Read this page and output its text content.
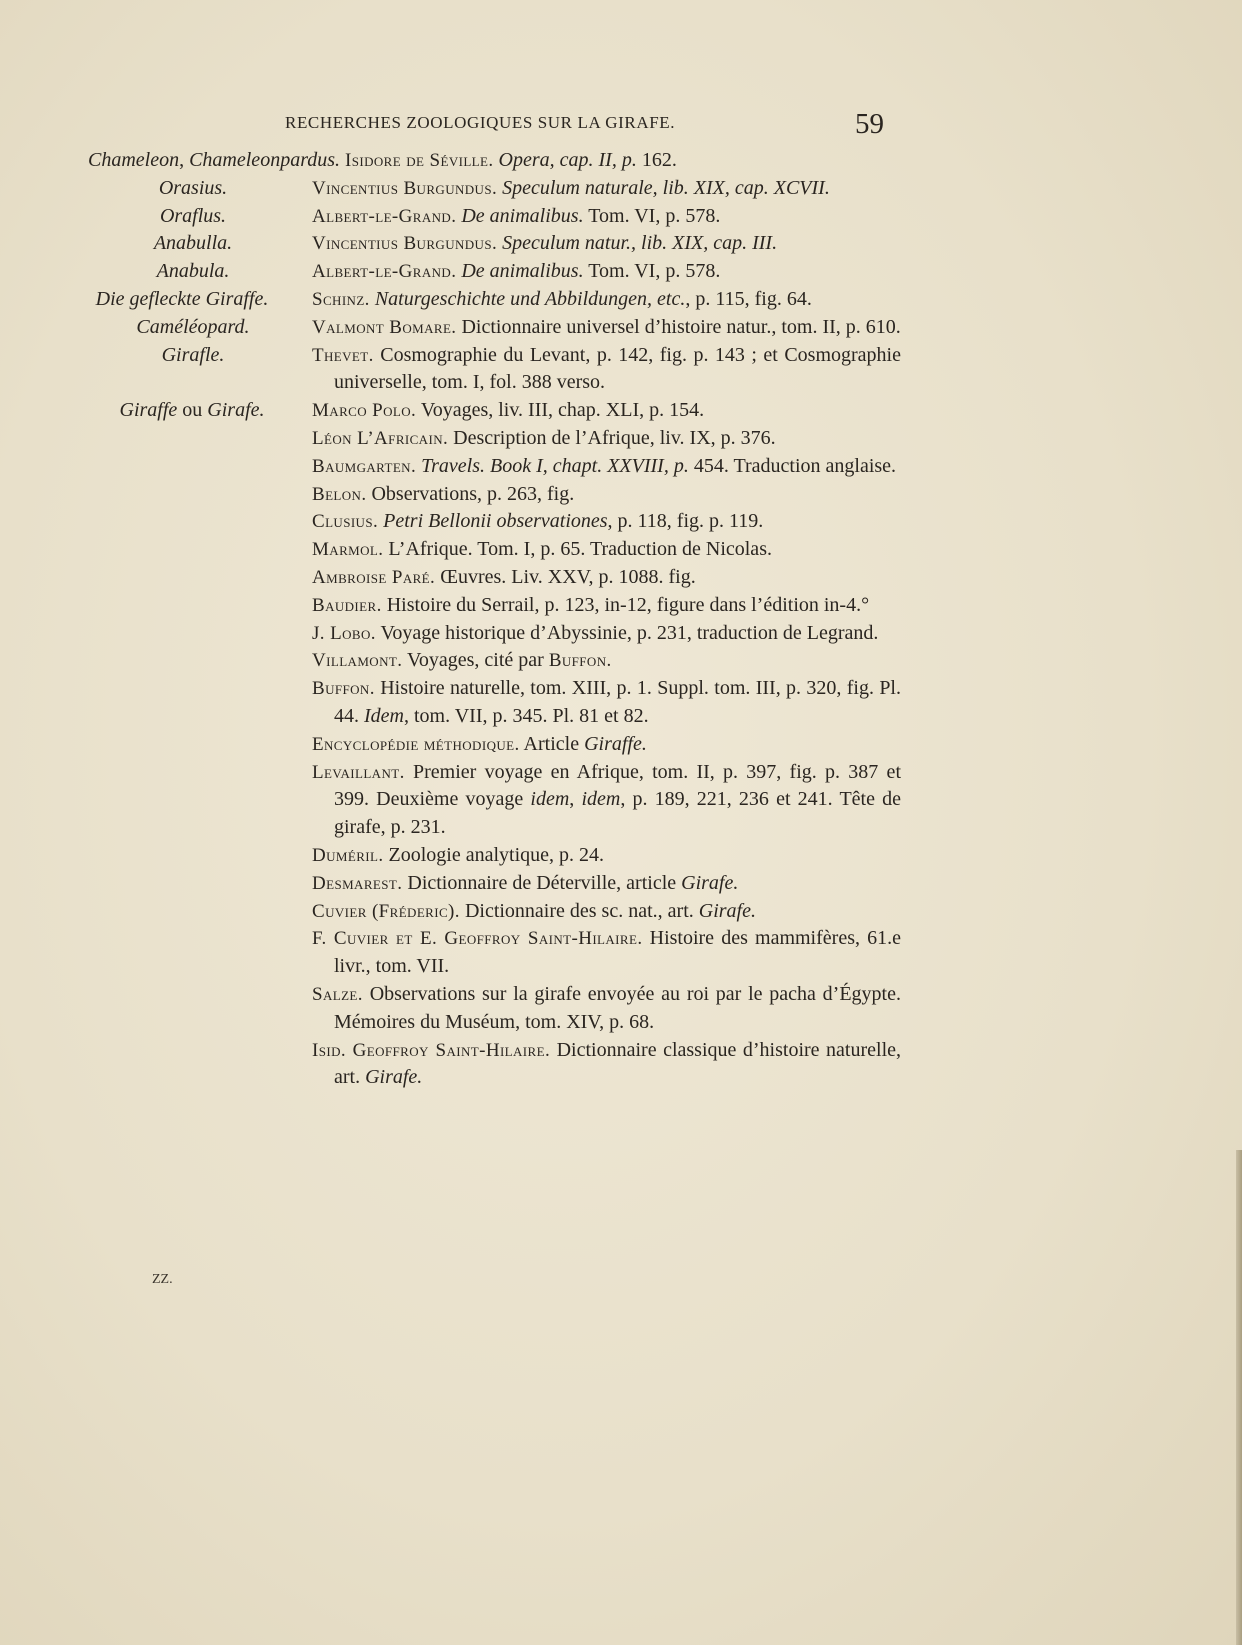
RECHERCHES ZOOLOGIQUES SUR LA GIRAFE.	59
Chameleon, Chameleonpardus. Isidore de Séville. Opera, cap. II, p. 162.
Orasius.	Vincentius Burgundus. Speculum naturale, lib. XIX, cap. XCVII.
Oraflus.	Albert-le-Grand. De animalibus. Tom. VI, p. 578.
Anabulla.	Vincentius Burgundus. Speculum natur., lib. XIX, cap. III.
Anabula.	Albert-le-Grand. De animalibus. Tom. VI, p. 578.
Die gefleckte Giraffe.	Schinz. Naturgeschichte und Abbildungen, etc., p. 115, fig. 64.
Caméléopard.	Valmont Bomare. Dictionnaire universel d’histoire natur., tom. II, p. 610.
Girafle.	Thevet. Cosmographie du Levant, p. 142, fig. p. 143 ; et Cosmographie universelle, tom. I, fol. 388 verso.
Giraffe ou Girafe.	Marco Polo. Voyages, liv. III, chap. XLI, p. 154.
Léon L’Africain. Description de l’Afrique, liv. IX, p. 376.
Baumgarten. Travels. Book I, chapt. XXVIII, p. 454. Traduction anglaise.
Belon. Observations, p. 263, fig.
Clusius. Petri Bellonii observationes, p. 118, fig. p. 119.
Marmol. L’Afrique. Tom. I, p. 65. Traduction de Nicolas.
Ambroise Paré. Œuvres. Liv. XXV, p. 1088. fig.
Baudier. Histoire du Serrail, p. 123, in-12, figure dans l’édition in-4.°
J. Lobo. Voyage historique d’Abyssinie, p. 231, traduction de Legrand.
Villamont. Voyages, cité par Buffon.
Buffon. Histoire naturelle, tom. XIII, p. 1. Suppl. tom. III, p. 320, fig. Pl. 44. Idem, tom. VII, p. 345. Pl. 81 et 82.
Encyclopédie méthodique. Article Giraffe.
Levaillant. Premier voyage en Afrique, tom. II, p. 397, fig. p. 387 et 399. Deuxième voyage idem, idem, p. 189, 221, 236 et 241. Tête de girafe, p. 231.
Duméril. Zoologie analytique, p. 24.
Desmarest. Dictionnaire de Déterville, article Girafe.
Cuvier (Fréderic). Dictionnaire des sc. nat., art. Girafe.
F. Cuvier et E. Geoffroy Saint-Hilaire. Histoire des mammifères, 61.e livr., tom. VII.
Salze. Observations sur la girafe envoyée au roi par le pacha d’Égypte. Mémoires du Muséum, tom. XIV, p. 68.
Isid. Geoffroy Saint-Hilaire. Dictionnaire classique d’histoire naturelle, art. Girafe.
ZZ.
